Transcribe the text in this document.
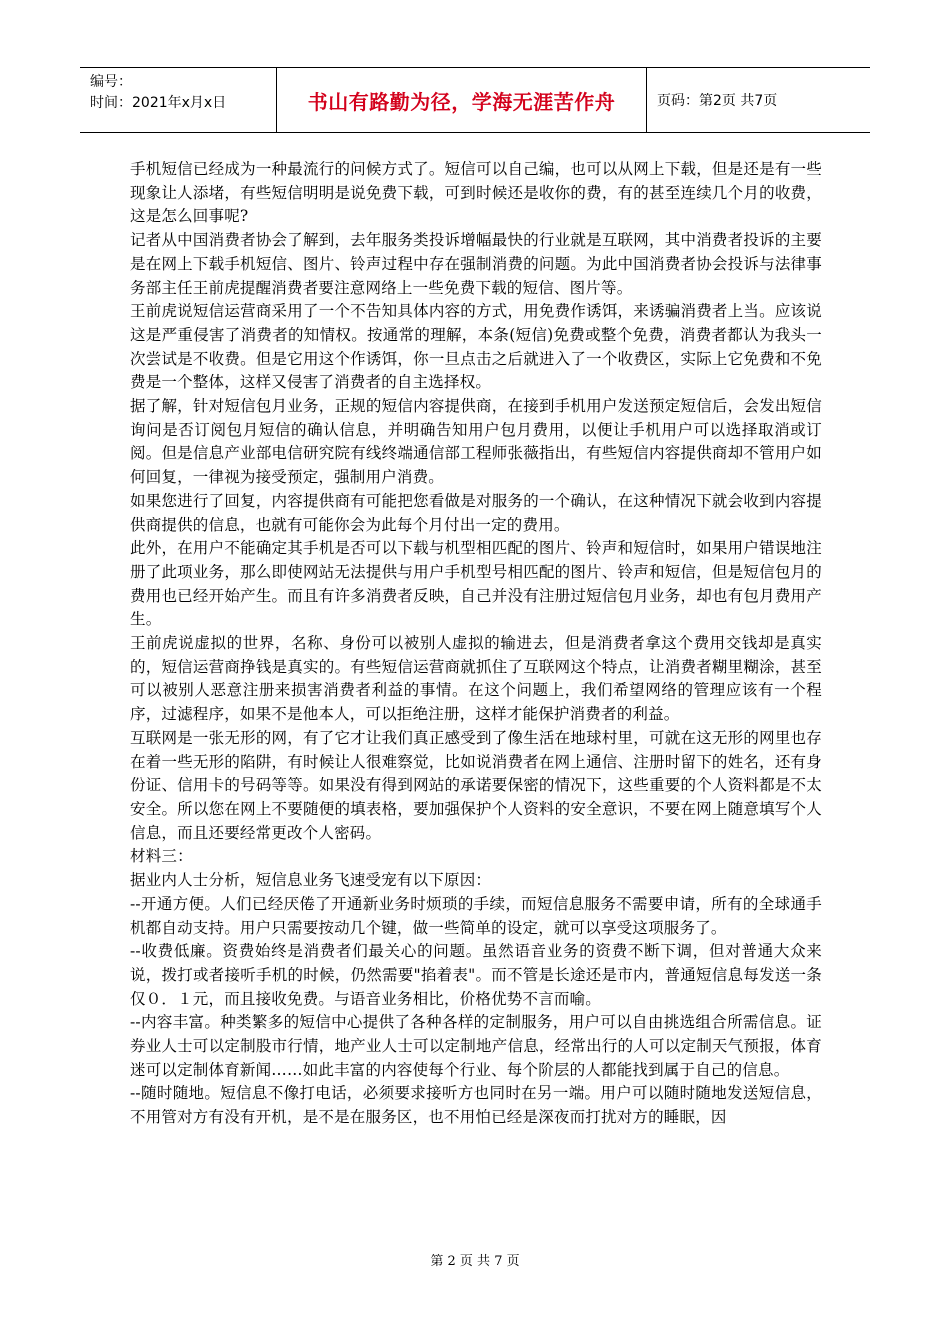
编号：
时间：2021年x月x日	书山有路勤为径，学海无涯苦作舟	页码：第2页 共7页

手机短信已经成为一种最流行的问候方式了。短信可以自己编，也可以从网上下载，但是还是有一些现象让人添堵，有些短信明明是说免费下载，可到时候还是收你的费，有的甚至连续几个月的收费，这是怎么回事呢?

记者从中国消费者协会了解到，去年服务类投诉增幅最快的行业就是互联网，其中消费者投诉的主要是在网上下载手机短信、图片、铃声过程中存在强制消费的问题。为此中国消费者协会投诉与法律事务部主任王前虎提醒消费者要注意网络上一些免费下载的短信、图片等。

王前虎说短信运营商采用了一个不告知具体内容的方式，用免费作诱饵，来诱骗消费者上当。应该说这是严重侵害了消费者的知情权。按通常的理解，本条(短信)免费或整个免费，消费者都认为我头一次尝试是不收费。但是它用这个作诱饵，你一旦点击之后就进入了一个收费区，实际上它免费和不免费是一个整体，这样又侵害了消费者的自主选择权。

据了解，针对短信包月业务，正规的短信内容提供商，在接到手机用户发送预定短信后，会发出短信询问是否订阅包月短信的确认信息，并明确告知用户包月费用，以便让手机用户可以选择取消或订阅。但是信息产业部电信研究院有线终端通信部工程师张薇指出，有些短信内容提供商却不管用户如何回复，一律视为接受预定，强制用户消费。

如果您进行了回复，内容提供商有可能把您看做是对服务的一个确认，在这种情况下就会收到内容提供商提供的信息，也就有可能你会为此每个月付出一定的费用。

此外，在用户不能确定其手机是否可以下载与机型相匹配的图片、铃声和短信时，如果用户错误地注册了此项业务，那么即使网站无法提供与用户手机型号相匹配的图片、铃声和短信，但是短信包月的费用也已经开始产生。而且有许多消费者反映，自己并没有注册过短信包月业务，却也有包月费用产生。

王前虎说虚拟的世界，名称、身份可以被别人虚拟的输进去，但是消费者拿这个费用交钱却是真实的，短信运营商挣钱是真实的。有些短信运营商就抓住了互联网这个特点，让消费者糊里糊涂，甚至可以被别人恶意注册来损害消费者利益的事情。在这个问题上，我们希望网络的管理应该有一个程序，过滤程序，如果不是他本人，可以拒绝注册，这样才能保护消费者的利益。

互联网是一张无形的网，有了它才让我们真正感受到了像生活在地球村里，可就在这无形的网里也存在着一些无形的陷阱，有时候让人很难察觉，比如说消费者在网上通信、注册时留下的姓名，还有身份证、信用卡的号码等等。如果没有得到网站的承诺要保密的情况下，这些重要的个人资料都是不太安全。所以您在网上不要随便的填表格，要加强保护个人资料的安全意识，不要在网上随意填写个人信息，而且还要经常更改个人密码。

材料三：

据业内人士分析，短信息业务飞速受宠有以下原因：

--开通方便。人们已经厌倦了开通新业务时烦琐的手续，而短信息服务不需要申请，所有的全球通手机都自动支持。用户只需要按动几个键，做一些简单的设定，就可以享受这项服务了。

--收费低廉。资费始终是消费者们最关心的问题。虽然语音业务的资费不断下调，但对普通大众来说，拨打或者接听手机的时候，仍然需要"掐着表"。而不管是长途还是市内，普通短信息每发送一条仅０．１元，而且接收免费。与语音业务相比，价格优势不言而喻。

--内容丰富。种类繁多的短信中心提供了各种各样的定制服务，用户可以自由挑选组合所需信息。证券业人士可以定制股市行情，地产业人士可以定制地产信息，经常出行的人可以定制天气预报，体育迷可以定制体育新闻……如此丰富的内容使每个行业、每个阶层的人都能找到属于自己的信息。

--随时随地。短信息不像打电话，必须要求接听方也同时在另一端。用户可以随时随地发送短信息，不用管对方有没有开机，是不是在服务区，也不用怕已经是深夜而打扰对方的睡眠，因

第 2 页 共 7 页
